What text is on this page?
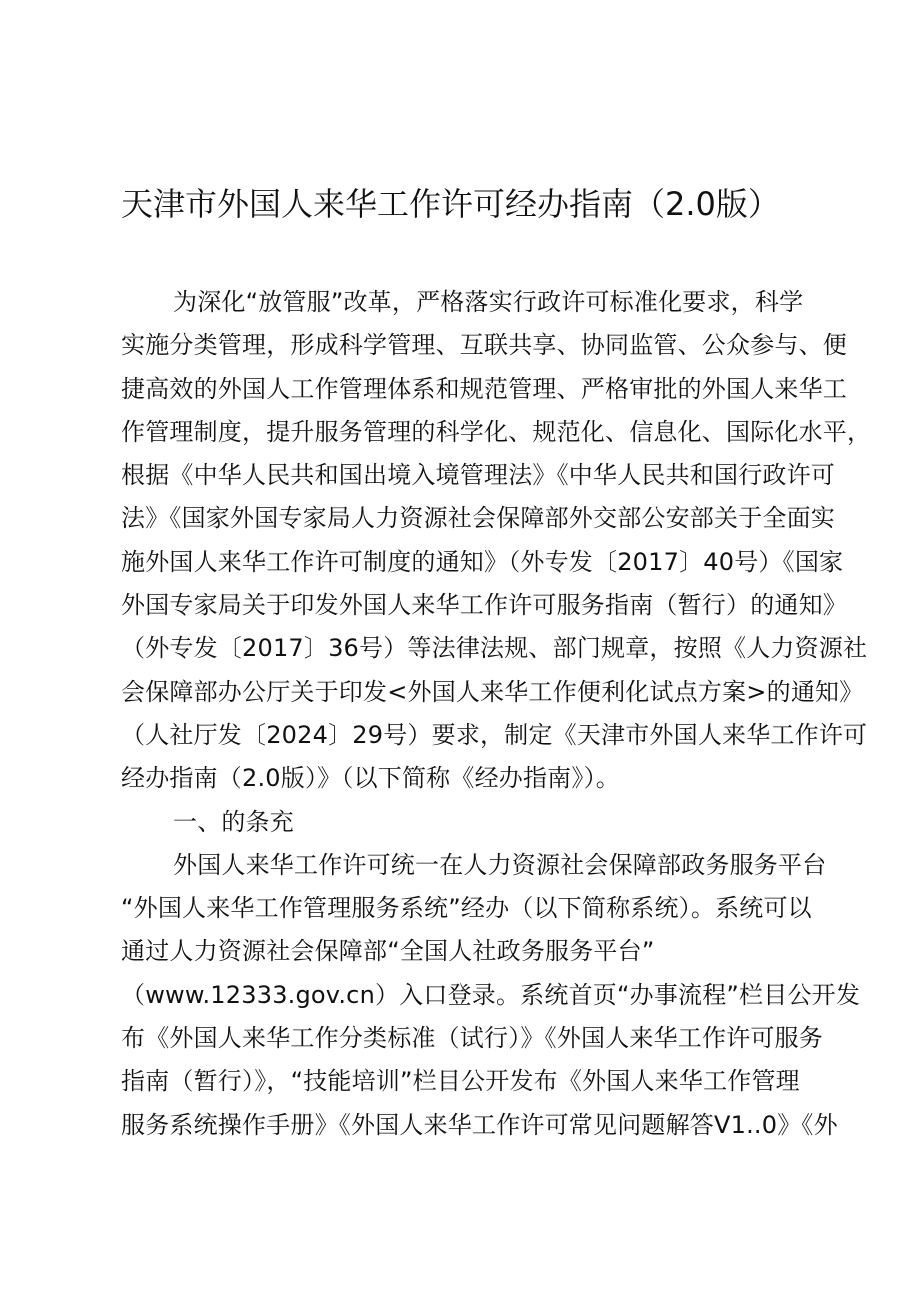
天津市外国人来华工作许可经办指南（2.0版）
为深化“放管服”改革，严格落实行政许可标准化要求，科学
实施分类管理，形成科学管理、互联共享、协同监管、公众参与、便
捷高效的外国人工作管理体系和规范管理、严格审批的外国人来华工
作管理制度，提升服务管理的科学化、规范化、信息化、国际化水平，
根据《中华人民共和国出境入境管理法》《中华人民共和国行政许可
法》《国家外国专家局人力资源社会保障部外交部公安部关于全面实
施外国人来华工作许可制度的通知》（外专发〔2017〕40号）《国家
外国专家局关于印发外国人来华工作许可服务指南（暂行）的通知》
（外专发〔2017〕36号）等法律法规、部门规章，按照《人力资源社
会保障部办公厅关于印发<外国人来华工作便利化试点方案>的通知》
（人社厅发〔2024〕29号）要求，制定《天津市外国人来华工作许可
经办指南（2.0版）》（以下简称《经办指南》）。
一、的条充
外国人来华工作许可统一在人力资源社会保障部政务服务平台
“外国人来华工作管理服务系统”经办（以下简称系统）。系统可以
通过人力资源社会保障部“全国人社政务服务平台”
（www.12333.gov.cn）入口登录。系统首页“办事流程”栏目公开发
布《外国人来华工作分类标准（试行）》《外国人来华工作许可服务
指南（暂行）》，“技能培训”栏目公开发布《外国人来华工作管理
服务系统操作手册》《外国人来华工作许可常见问题解答V1..0》《外
